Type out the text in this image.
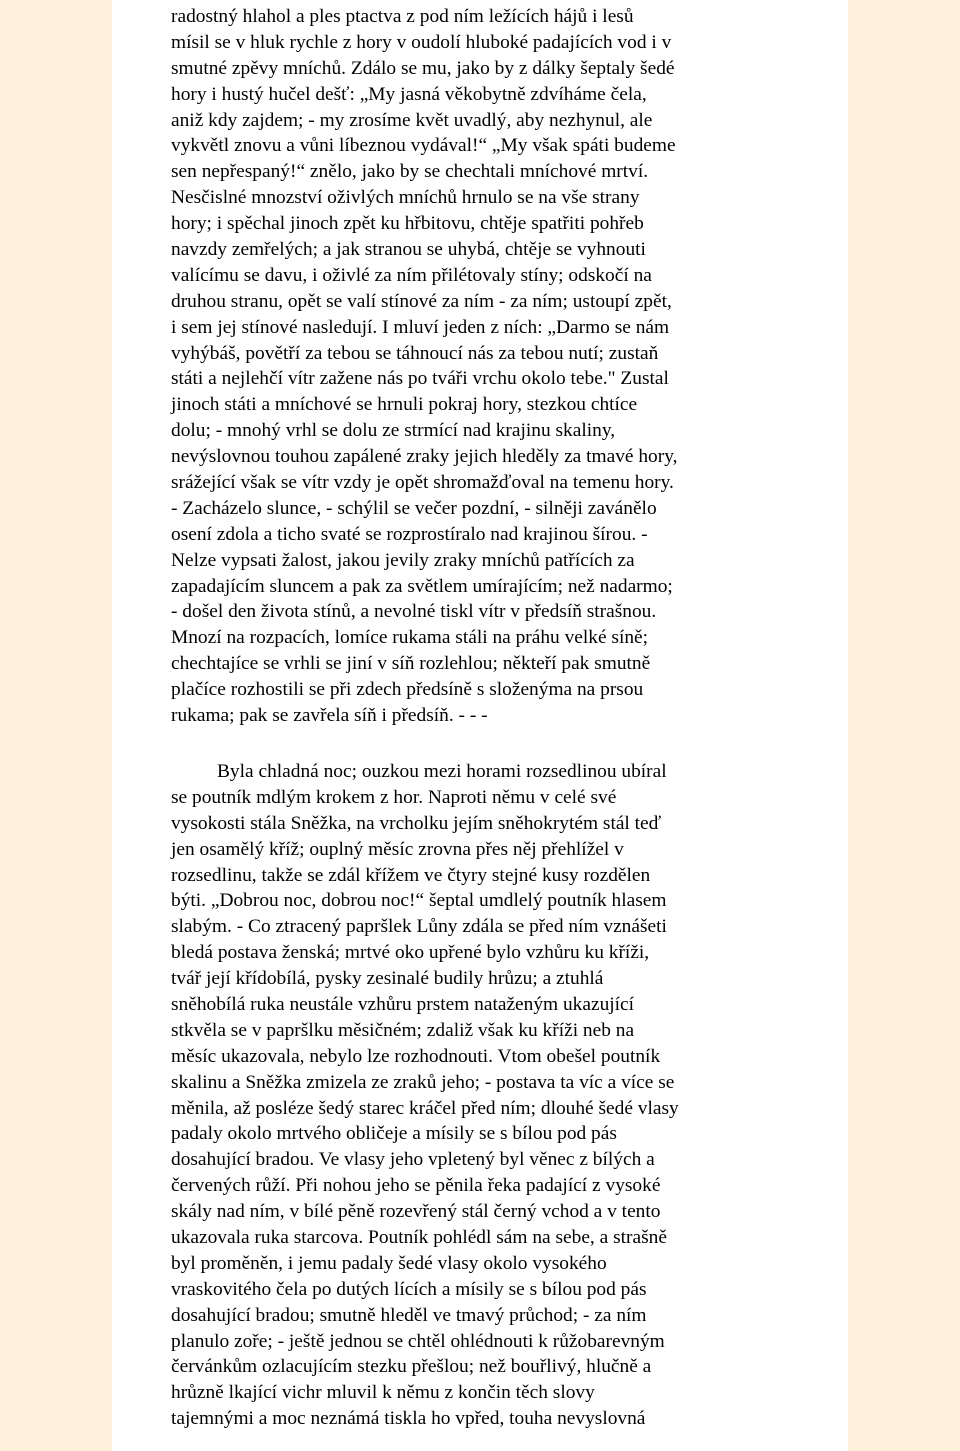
radostný hlahol a ples ptactva z pod ním ležících hájů i lesů
mísil se v hluk rychle z hory v oudolí hluboké padajících vod i v
smutné zpěvy mníchů. Zdálo se mu, jako by z dálky šeptaly šedé
hory i hustý hučel dešť: „My jasná věkobytně zdvíháme čela,
aniž kdy zajdem; - my zrosíme květ uvadlý, aby nezhynul, ale
vykvětl znovu a vůni líbeznou vydával!“ „My však spáti budeme
sen nepřespaný!“ znělo, jako by se chechtali mníchové mrtví.
Nesčislné mnozství oživlých mníchů hrnulo se na vše strany
hory; i spěchal jinoch zpět ku hřbitovu, chtěje spatřiti pohřeb
navzdy zemřelých; a jak stranou se uhybá, chtěje se vyhnouti
valícímu se davu, i oživlé za ním přilétovaly stíny; odskočí na
druhou stranu, opět se valí stínové za ním - za ním; ustoupí zpět,
i sem jej stínové nasledují. I mluví jeden z ních: „Darmo se nám
vyhýbáš, povětří za tebou se táhnoucí nás za tebou nutí; zustaň
státi a nejlehčí vítr zažene nás po tváři vrchu okolo tebe." Zustal
jinoch státi a mníchové se hrnuli pokraj hory, stezkou chtíce
dolu; - mnohý vrhl se dolu ze strmící nad krajinu skaliny,
nevýslovnou touhou zapálené zraky jejich hleděly za tmavé hory,
srážející však se vítr vzdy je opět shromažďoval na temenu hory.
- Zacházelo slunce, - schýlil se večer pozdní, - silněji zavánělo
osení zdola a ticho svaté se rozprostíralo nad krajinou šírou. -
Nelze vypsati žalost, jakou jevily zraky mníchů patřících za
zapadajícím sluncem a pak za světlem umírajícím; než nadarmo;
- došel den života stínů, a nevolné tiskl vítr v předsíň strašnou.
Mnozí na rozpacích, lomíce rukama stáli na práhu velké síně;
chechtajíce se vrhli se jiní v síň rozlehlou; někteří pak smutně
plačíce rozhostili se při zdech předsíně s složenýma na prsou
rukama; pak se zavřela síň i předsíň. - - -
Byla chladná noc; ouzkou mezi horami rozsedlinou ubíral
se poutník mdlým krokem z hor. Naproti němu v celé své
vysokosti stála Sněžka, na vrcholku jejím sněhokrytém stál teď
jen osamělý kříž; ouplný měsíc zrovna přes něj přehlížel v
rozsedlinu, takže se zdál křížem ve čtyry stejné kusy rozdělen
býti. „Dobrou noc, dobrou noc!“ šeptal umdlelý poutník hlasem
slabým. - Co ztracený papršlek Lůny zdála se před ním vznášeti
bledá postava ženská; mrtvé oko upřené bylo vzhůru ku kříži,
tvář její křídobílá, pysky zesinalé budily hrůzu; a ztuhlá
sněhobílá ruka neustále vzhůru prstem nataženým ukazující
stkvěla se v papršlku měsičném; zdaliž však ku kříži neb na
měsíc ukazovala, nebylo lze rozhodnouti. Vtom obešel poutník
skalinu a Sněžka zmizela ze zraků jeho; - postava ta víc a více se
měnila, až posléze šedý starec kráčel před ním; dlouhé šedé vlasy
padaly okolo mrtvého obličeje a mísily se s bílou pod pás
dosahující bradou. Ve vlasy jeho vpletený byl věnec z bílých a
červených růží. Při nohou jeho se pěnila řeka padající z vysoké
skály nad ním, v bílé pěně rozevřený stál černý vchod a v tento
ukazovala ruka starcova. Poutník pohlédl sám na sebe, a strašně
byl proměněn, i jemu padaly šedé vlasy okolo vysokého
vraskovitého čela po dutých lících a mísily se s bílou pod pás
dosahující bradou; smutně hleděl ve tmavý průchod; - za ním
planulo zoře; - ještě jednou se chtěl ohlédnouti k růžobarevným
červánkům ozlacujícím stezku přešlou; než bouřlivý, hlučně a
hrůzně lkající vichr mluvil k němu z končin těch slovy
tajemnými a moc neznámá tiskla ho vpřed, touha nevyslovná
